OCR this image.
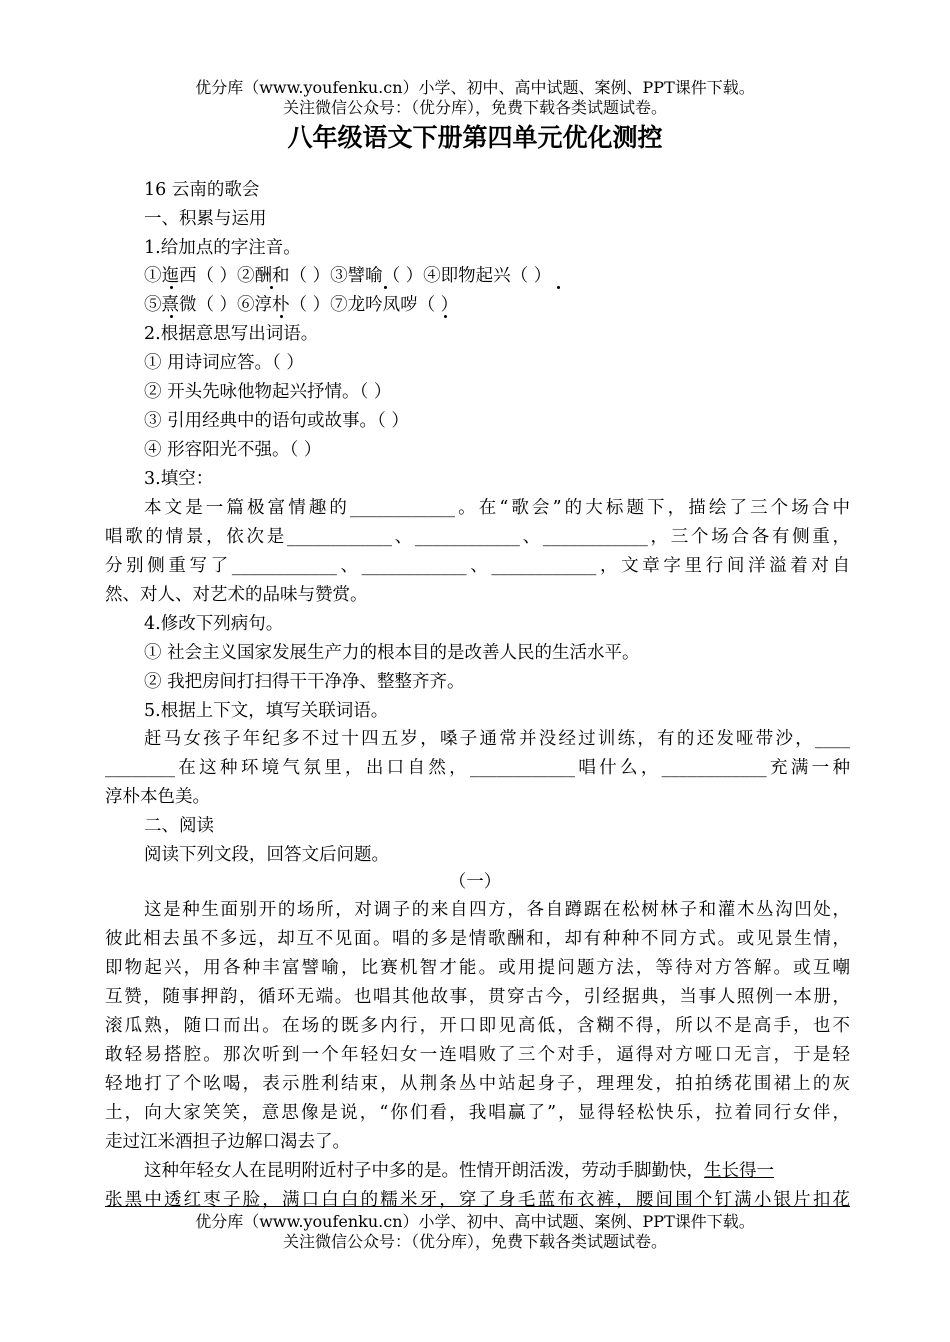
优分库（www.youfenku.cn）小学、初中、高中试题、案例、PPT课件下载。
关注微信公众号：（优分库），免费下载各类试题试卷。
八年级语文下册第四单元优化测控
16 云南的歌会
一、积累与运用
1.给加点的字注音。
①迤西（ ）②酬和（ ）③譬喻（ ）④即物起兴（ ）
⑤熹微（ ）⑥淳朴（ ）⑦龙吟凤哕（ ）
2.根据意思写出词语。
① 用诗词应答。（ ）
② 开头先咏他物起兴抒情。（ ）
③ 引用经典中的语句或故事。（ ）
④ 形容阳光不强。（ ）
3.填空：
本文是一篇极富情趣的____________。在“歌会”的大标题下，描绘了三个场合中
唱歌的情景，依次是____________、____________、____________，三个场合各有侧重，
分别侧重写了____________、____________、____________，文章字里行间洋溢着对自
然、对人、对艺术的品味与赞赏。
4.修改下列病句。
① 社会主义国家发展生产力的根本目的是改善人民的生活水平。
② 我把房间打扫得干干净净、整整齐齐。
5.根据上下文，填写关联词语。
赶马女孩子年纪多不过十四五岁，嗓子通常并没经过训练，有的还发哑带沙，____
________在这种环境气氛里，出口自然，____________唱什么，____________充满一种
淳朴本色美。
二、阅读
阅读下列文段，回答文后问题。
（一）
这是种生面别开的场所，对调子的来自四方，各自蹲踞在松树林子和灌木丛沟凹处，
彼此相去虽不多远，却互不见面。唱的多是情歌酬和，却有种种不同方式。或见景生情，
即物起兴，用各种丰富譬喻，比赛机智才能。或用提问题方法，等待对方答解。或互嘲
互赞，随事押韵，循环无端。也唱其他故事，贯穿古今，引经据典，当事人照例一本册，
滚瓜熟，随口而出。在场的既多内行，开口即见高低，含糊不得，所以不是高手，也不
敢轻易搭腔。那次听到一个年轻妇女一连唱败了三个对手，逼得对方哑口无言，于是轻
轻地打了个吆喝，表示胜利结束，从荆条丛中站起身子，理理发，拍拍绣花围裙上的灰
土，向大家笑笑，意思像是说，“你们看，我唱赢了”，显得轻松快乐，拉着同行女伴，
走过江米酒担子边解口渴去了。
这种年轻女人在昆明附近村子中多的是。性情开朗活泼，劳动手脚勤快，生长得一
张黑中透红枣子脸，满口白白的糯米牙，穿了身毛蓝布衣裤，腰间围个钉满小银片扣花
优分库（www.youfenku.cn）小学、初中、高中试题、案例、PPT课件下载。
关注微信公众号：（优分库），免费下载各类试题试卷。
